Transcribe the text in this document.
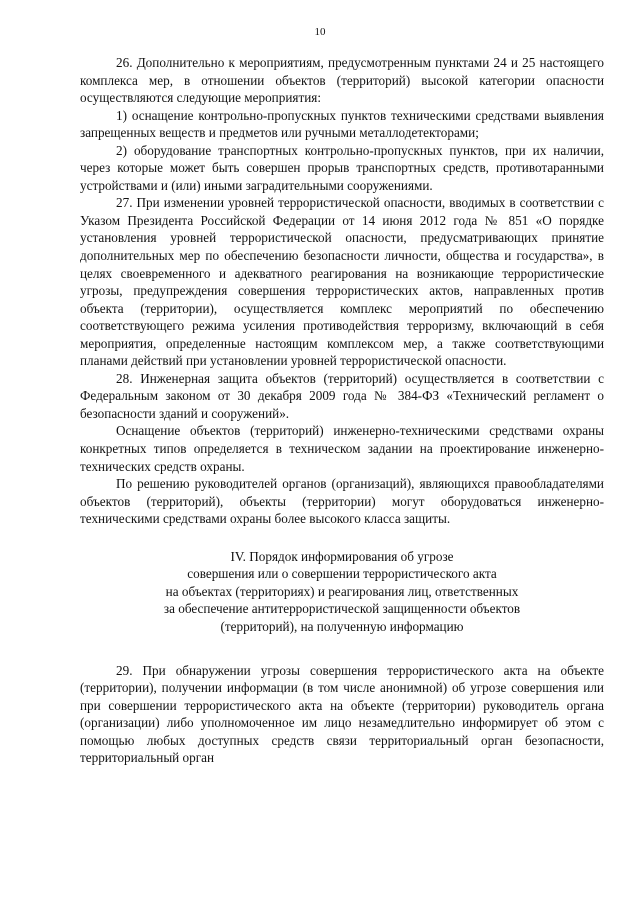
10

26. Дополнительно к мероприятиям, предусмотренным пунктами 24 и 25 настоящего комплекса мер, в отношении объектов (территорий) высокой категории опасности осуществляются следующие мероприятия:

1) оснащение контрольно-пропускных пунктов техническими средствами выявления запрещенных веществ и предметов или ручными металлодетекторами;

2) оборудование транспортных контрольно-пропускных пунктов, при их наличии, через которые может быть совершен прорыв транспортных средств, противотаранными устройствами и (или) иными заградительными сооружениями.

27. При изменении уровней террористической опасности, вводимых в соответствии с Указом Президента Российской Федерации от 14 июня 2012 года № 851 «О порядке установления уровней террористической опасности, предусматривающих принятие дополнительных мер по обеспечению безопасности личности, общества и государства», в целях своевременного и адекватного реагирования на возникающие террористические угрозы, предупреждения совершения террористических актов, направленных против объекта (территории), осуществляется комплекс мероприятий по обеспечению соответствующего режима усиления противодействия терроризму, включающий в себя мероприятия, определенные настоящим комплексом мер, а также соответствующими планами действий при установлении уровней террористической опасности.

28. Инженерная защита объектов (территорий) осуществляется в соответствии с Федеральным законом от 30 декабря 2009 года № 384-ФЗ «Технический регламент о безопасности зданий и сооружений».

Оснащение объектов (территорий) инженерно-техническими средствами охраны конкретных типов определяется в техническом задании на проектирование инженерно-технических средств охраны.

По решению руководителей органов (организаций), являющихся правообладателями объектов (территорий), объекты (территории) могут оборудоваться инженерно-техническими средствами охраны более высокого класса защиты.

IV. Порядок информирования об угрозе
совершения или о совершении террористического акта
на объектах (территориях) и реагирования лиц, ответственных
за обеспечение антитеррористической защищенности объектов
(территорий), на полученную информацию

29. При обнаружении угрозы совершения террористического акта на объекте (территории), получении информации (в том числе анонимной) об угрозе совершения или при совершении террористического акта на объекте (территории) руководитель органа (организации) либо уполномоченное им лицо незамедлительно информирует об этом с помощью любых доступных средств связи территориальный орган безопасности, территориальный орган
